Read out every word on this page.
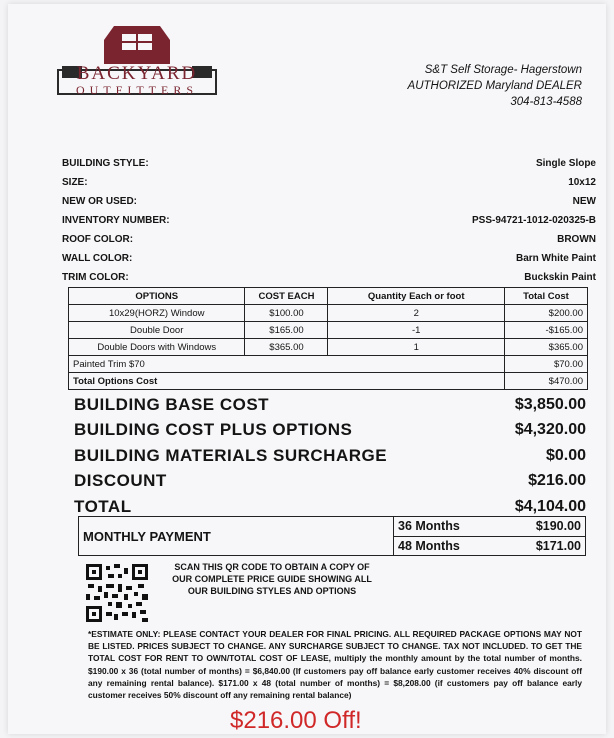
BACKYARD
OUTFITTERS
S&T Self Storage- Hagerstown
AUTHORIZED Maryland DEALER
304-813-4588
BUILDING STYLE:	Single Slope
SIZE:	10x12
NEW OR USED:	NEW
INVENTORY NUMBER:	PSS-94721-1012-020325-B
ROOF COLOR:	BROWN
WALL COLOR:	Barn White Paint
TRIM COLOR:	Buckskin Paint
OPTIONS	COST EACH	Quantity Each or foot	Total Cost
10x29(HORZ) Window	$100.00	2	$200.00
Double Door	$165.00	-1	-$165.00
Double Doors with Windows	$365.00	1	$365.00
Painted Trim $70			$70.00
Total Options Cost			$470.00
BUILDING BASE COST	$3,850.00
BUILDING COST PLUS OPTIONS	$4,320.00
BUILDING MATERIALS SURCHARGE	$0.00
DISCOUNT	$216.00
TOTAL	$4,104.00
MONTHLY PAYMENT
36 Months	$190.00
48 Months	$171.00
SCAN THIS QR CODE TO OBTAIN A COPY OF
OUR COMPLETE PRICE GUIDE SHOWING ALL
OUR BUILDING STYLES AND OPTIONS
*ESTIMATE ONLY: PLEASE CONTACT YOUR DEALER FOR FINAL PRICING. ALL REQUIRED PACKAGE OPTIONS MAY NOT BE LISTED. PRICES SUBJECT TO CHANGE. ANY SURCHARGE SUBJECT TO CHANGE. TAX NOT INCLUDED. TO GET THE TOTAL COST FOR RENT TO OWN/TOTAL COST OF LEASE, multiply the monthly amount by the total number of months. $190.00 x 36 (total number of months) = $6,840.00 (If customers pay off balance early customer receives 40% discount off any remaining rental balance). $171.00 x 48 (total number of months) = $8,208.00 (if customers pay off balance early customer receives 50% discount off any remaining rental balance)
$216.00 Off!
